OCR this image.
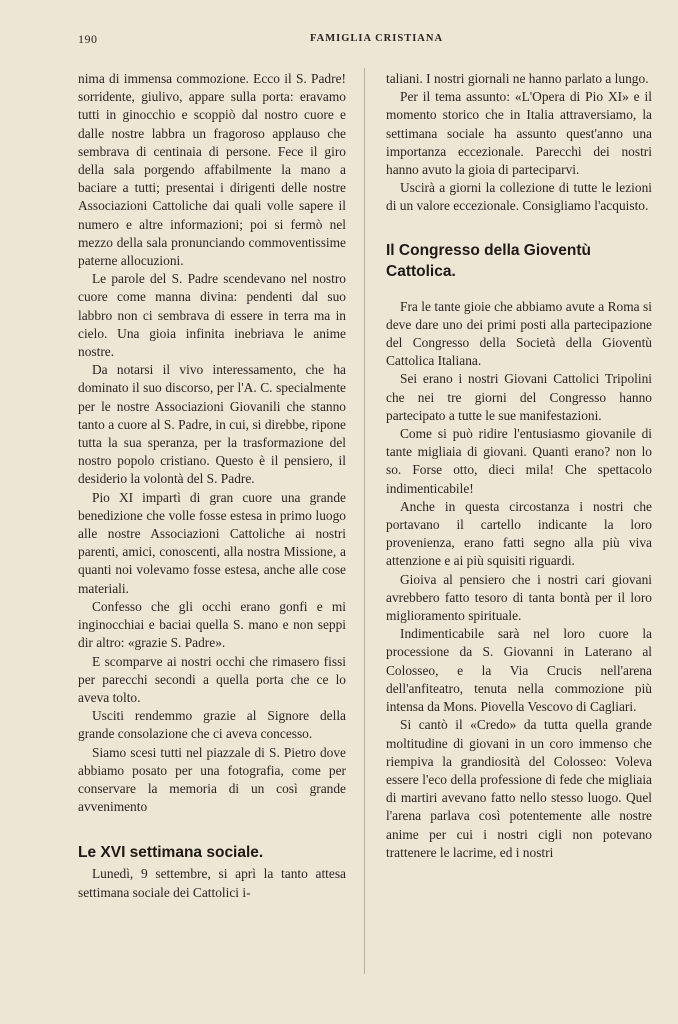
190	FAMIGLIA CRISTIANA

nima di immensa commozione. Ecco il S. Padre! sorridente, giulivo, appare sulla porta: eravamo tutti in ginocchio e scoppiò dal nostro cuore e dalle nostre labbra un fragoroso applauso che sembrava di centinaia di persone. Fece il giro della sala porgendo affabilmente la mano a baciare a tutti; presentai i dirigenti delle nostre Associazioni Cattoliche dai quali volle sapere il numero e altre informazioni; poi si fermò nel mezzo della sala pronunciando commoventissime paterne allocuzioni.

Le parole del S. Padre scendevano nel nostro cuore come manna divina: pendenti dal suo labbro non ci sembrava di essere in terra ma in cielo. Una gioia infinita inebriava le anime nostre.

Da notarsi il vivo interessamento, che ha dominato il suo discorso, per l'A. C. specialmente per le nostre Associazioni Giovanili che stanno tanto a cuore al S. Padre, in cui, si direbbe, ripone tutta la sua speranza, per la trasformazione del nostro popolo cristiano. Questo è il pensiero, il desiderio la volontà del S. Padre.

Pio XI impartì di gran cuore una grande benedizione che volle fosse estesa in primo luogo alle nostre Associazioni Cattoliche ai nostri parenti, amici, conoscenti, alla nostra Missione, a quanti noi volevamo fosse estesa, anche alle cose materiali.

Confesso che gli occhi erano gonfi e mi inginocchiai e baciai quella S. mano e non seppi dir altro: «grazie S. Padre».

E scomparve ai nostri occhi che rimasero fissi per parecchi secondi a quella porta che ce lo aveva tolto.

Usciti rendemmo grazie al Signore della grande consolazione che ci aveva concesso.

Siamo scesi tutti nel piazzale di S. Pietro dove abbiamo posato per una fotografia, come per conservare la memoria di un così grande avvenimento

Le XVI settimana sociale.

Lunedì, 9 settembre, si aprì la tanto attesa settimana sociale dei Cattolici i-

taliani. I nostri giornali ne hanno parlato a lungo.

Per il tema assunto: «L'Opera di Pio XI» e il momento storico che in Italia attraversiamo, la settimana sociale ha assunto quest'anno una importanza eccezionale. Parecchi dei nostri hanno avuto la gioia di parteciparvi.

Uscirà a giorni la collezione di tutte le lezioni di un valore eccezionale. Consigliamo l'acquisto.

Il Congresso della Gioventù Cattolica.

Fra le tante gioie che abbiamo avute a Roma si deve dare uno dei primi posti alla partecipazione del Congresso della Società della Gioventù Cattolica Italiana.

Sei erano i nostri Giovani Cattolici Tripolini che nei tre giorni del Congresso hanno partecipato a tutte le sue manifestazioni.

Come si può ridire l'entusiasmo giovanile di tante migliaia di giovani. Quanti erano? non lo so. Forse otto, dieci mila! Che spettacolo indimenticabile!

Anche in questa circostanza i nostri che portavano il cartello indicante la loro provenienza, erano fatti segno alla più viva attenzione e ai più squisiti riguardi.

Gioiva al pensiero che i nostri cari giovani avrebbero fatto tesoro di tanta bontà per il loro miglioramento spirituale.

Indimenticabile sarà nel loro cuore la processione da S. Giovanni in Laterano al Colosseo, e la Via Crucis nell'arena dell'anfiteatro, tenuta nella commozione più intensa da Mons. Piovella Vescovo di Cagliari.

Si cantò il «Credo» da tutta quella grande moltitudine di giovani in un coro immenso che riempiva la grandiosità del Colosseo: Voleva essere l'eco della professione di fede che migliaia di martiri avevano fatto nello stesso luogo. Quel l'arena parlava così potentemente alle nostre anime per cui i nostri cigli non potevano trattenere le lacrime, ed i nostri
